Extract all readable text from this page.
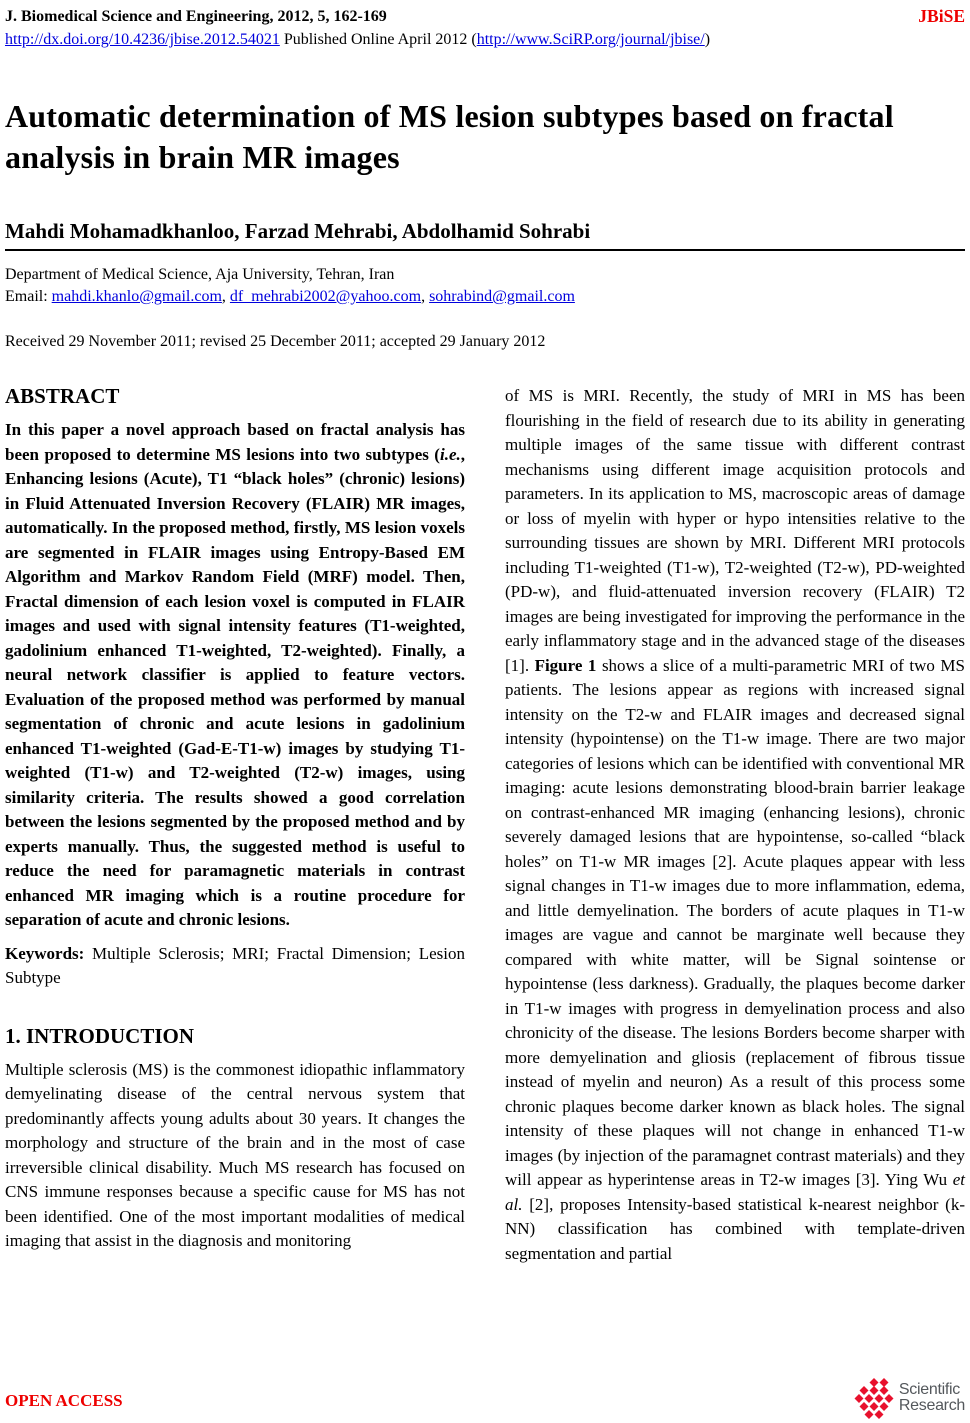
J. Biomedical Science and Engineering, 2012, 5, 162-169
http://dx.doi.org/10.4236/jbise.2012.54021 Published Online April 2012 (http://www.SciRP.org/journal/jbise/)
JBiSE
Automatic determination of MS lesion subtypes based on fractal analysis in brain MR images
Mahdi Mohamadkhanloo, Farzad Mehrabi, Abdolhamid Sohrabi
Department of Medical Science, Aja University, Tehran, Iran
Email: mahdi.khanlo@gmail.com, df_mehrabi2002@yahoo.com, sohrabind@gmail.com
Received 29 November 2011; revised 25 December 2011; accepted 29 January 2012
ABSTRACT

In this paper a novel approach based on fractal analysis has been proposed to determine MS lesions into two subtypes (i.e., Enhancing lesions (Acute), T1 “black holes” (chronic) lesions) in Fluid Attenuated Inversion Recovery (FLAIR) MR images, automatically. In the proposed method, firstly, MS lesion voxels are segmented in FLAIR images using Entropy-Based EM Algorithm and Markov Random Field (MRF) model. Then, Fractal dimension of each lesion voxel is computed in FLAIR images and used with signal intensity features (T1-weighted, gadolinium enhanced T1-weighted, T2-weighted). Finally, a neural network classifier is applied to feature vectors. Evaluation of the proposed method was performed by manual segmentation of chronic and acute lesions in gadolinium enhanced T1-weighted (Gad-E-T1-w) images by studying T1-weighted (T1-w) and T2-weighted (T2-w) images, using similarity criteria. The results showed a good correlation between the lesions segmented by the proposed method and by experts manually. Thus, the suggested method is useful to reduce the need for paramagnetic materials in contrast enhanced MR imaging which is a routine procedure for separation of acute and chronic lesions.

Keywords: Multiple Sclerosis; MRI; Fractal Dimension; Lesion Subtype

1. INTRODUCTION

Multiple sclerosis (MS) is the commonest idiopathic inflammatory demyelinating disease of the central nervous system that predominantly affects young adults about 30 years. It changes the morphology and structure of the brain and in the most of case irreversible clinical disability. Much MS research has focused on CNS immune responses because a specific cause for MS has not been identified. One of the most important modalities of medical imaging that assist in the diagnosis and monitoring

of MS is MRI. Recently, the study of MRI in MS has been flourishing in the field of research due to its ability in generating multiple images of the same tissue with different contrast mechanisms using different image acquisition protocols and parameters. In its application to MS, macroscopic areas of damage or loss of myelin with hyper or hypo intensities relative to the surrounding tissues are shown by MRI. Different MRI protocols including T1-weighted (T1-w), T2-weighted (T2-w), PD-weighted (PD-w), and fluid-attenuated inversion recovery (FLAIR) T2 images are being investigated for improving the performance in the early inflammatory stage and in the advanced stage of the diseases [1]. Figure 1 shows a slice of a multi-parametric MRI of two MS patients. The lesions appear as regions with increased signal intensity on the T2-w and FLAIR images and decreased signal intensity (hypointense) on the T1-w image. There are two major categories of lesions which can be identified with conventional MR imaging: acute lesions demonstrating blood-brain barrier leakage on contrast-enhanced MR imaging (enhancing lesions), chronic severely damaged lesions that are hypointense, so-called “black holes” on T1-w MR images [2]. Acute plaques appear with less signal changes in T1-w images due to more inflammation, edema, and little demyelination. The borders of acute plaques in T1-w images are vague and cannot be marginate well because they compared with white matter, will be Signal sointense or hypointense (less darkness). Gradually, the plaques become darker in T1-w images with progress in demyelination process and also chronicity of the disease. The lesions Borders become sharper with more demyelination and gliosis (replacement of fibrous tissue instead of myelin and neuron) As a result of this process some chronic plaques become darker known as black holes. The signal intensity of these plaques will not change in enhanced T1-w images (by injection of the paramagnet contrast materials) and they will appear as hyperintense areas in T2-w images [3]. Ying Wu et al. [2], proposes Intensity-based statistical k-nearest neighbor (k-NN) classification has combined with template-driven segmentation and partial

OPEN ACCESS
Scientific
Research
